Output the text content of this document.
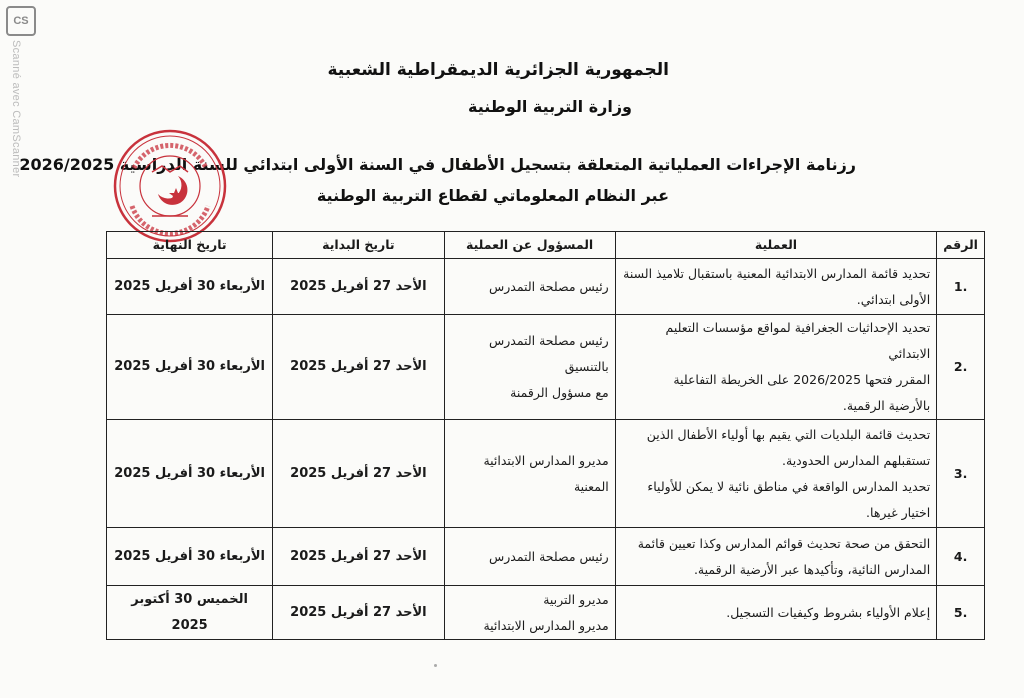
CS
Scanné avec CamScanner	الجمهورية الجزائرية الديمقراطية الشعبية
وزارة التربية الوطنية
رزنامة الإجراءات العملياتية المتعلقة بتسجيل الأطفال في السنة الأولى ابتدائي للسنة الدراسية 2026/2025
عبر النظام المعلوماتي لقطاع التربية الوطنية
الرقم	العملية	المسؤول عن العملية	تاريخ البداية	تاريخ النهاية
.1	تحديد قائمة المدارس الابتدائية المعنية باستقبال تلاميذ السنة
الأولى ابتدائي.	رئيس مصلحة التمدرس	الأحد 27 أفريل 2025	الأربعاء 30 أفريل 2025
.2	تحديد الإحداثيات الجغرافية لمواقع مؤسسات التعليم الابتدائي
المقرر فتحها 2026/2025 على الخريطة التفاعلية
بالأرضية الرقمية.	رئيس مصلحة التمدرس بالتنسيق
مع مسؤول الرقمنة	الأحد 27 أفريل 2025	الأربعاء 30 أفريل 2025
.3	تحديث قائمة البلديات التي يقيم بها أولياء الأطفال الذين
تستقبلهم المدارس الحدودية.
تحديد المدارس الواقعة في مناطق نائية لا يمكن للأولياء
اختيار غيرها.	مديرو المدارس الابتدائية المعنية	الأحد 27 أفريل 2025	الأربعاء 30 أفريل 2025
.4	التحقق من صحة تحديث قوائم المدارس وكذا تعيين قائمة
المدارس النائية، وتأكيدها عبر الأرضية الرقمية.	رئيس مصلحة التمدرس	الأحد 27 أفريل 2025	الأربعاء 30 أفريل 2025
.5	إعلام الأولياء بشروط وكيفيات التسجيل.	مديرو التربية
مديرو المدارس الابتدائية	الأحد 27 أفريل 2025	الخميس 30 أكتوبر 2025
